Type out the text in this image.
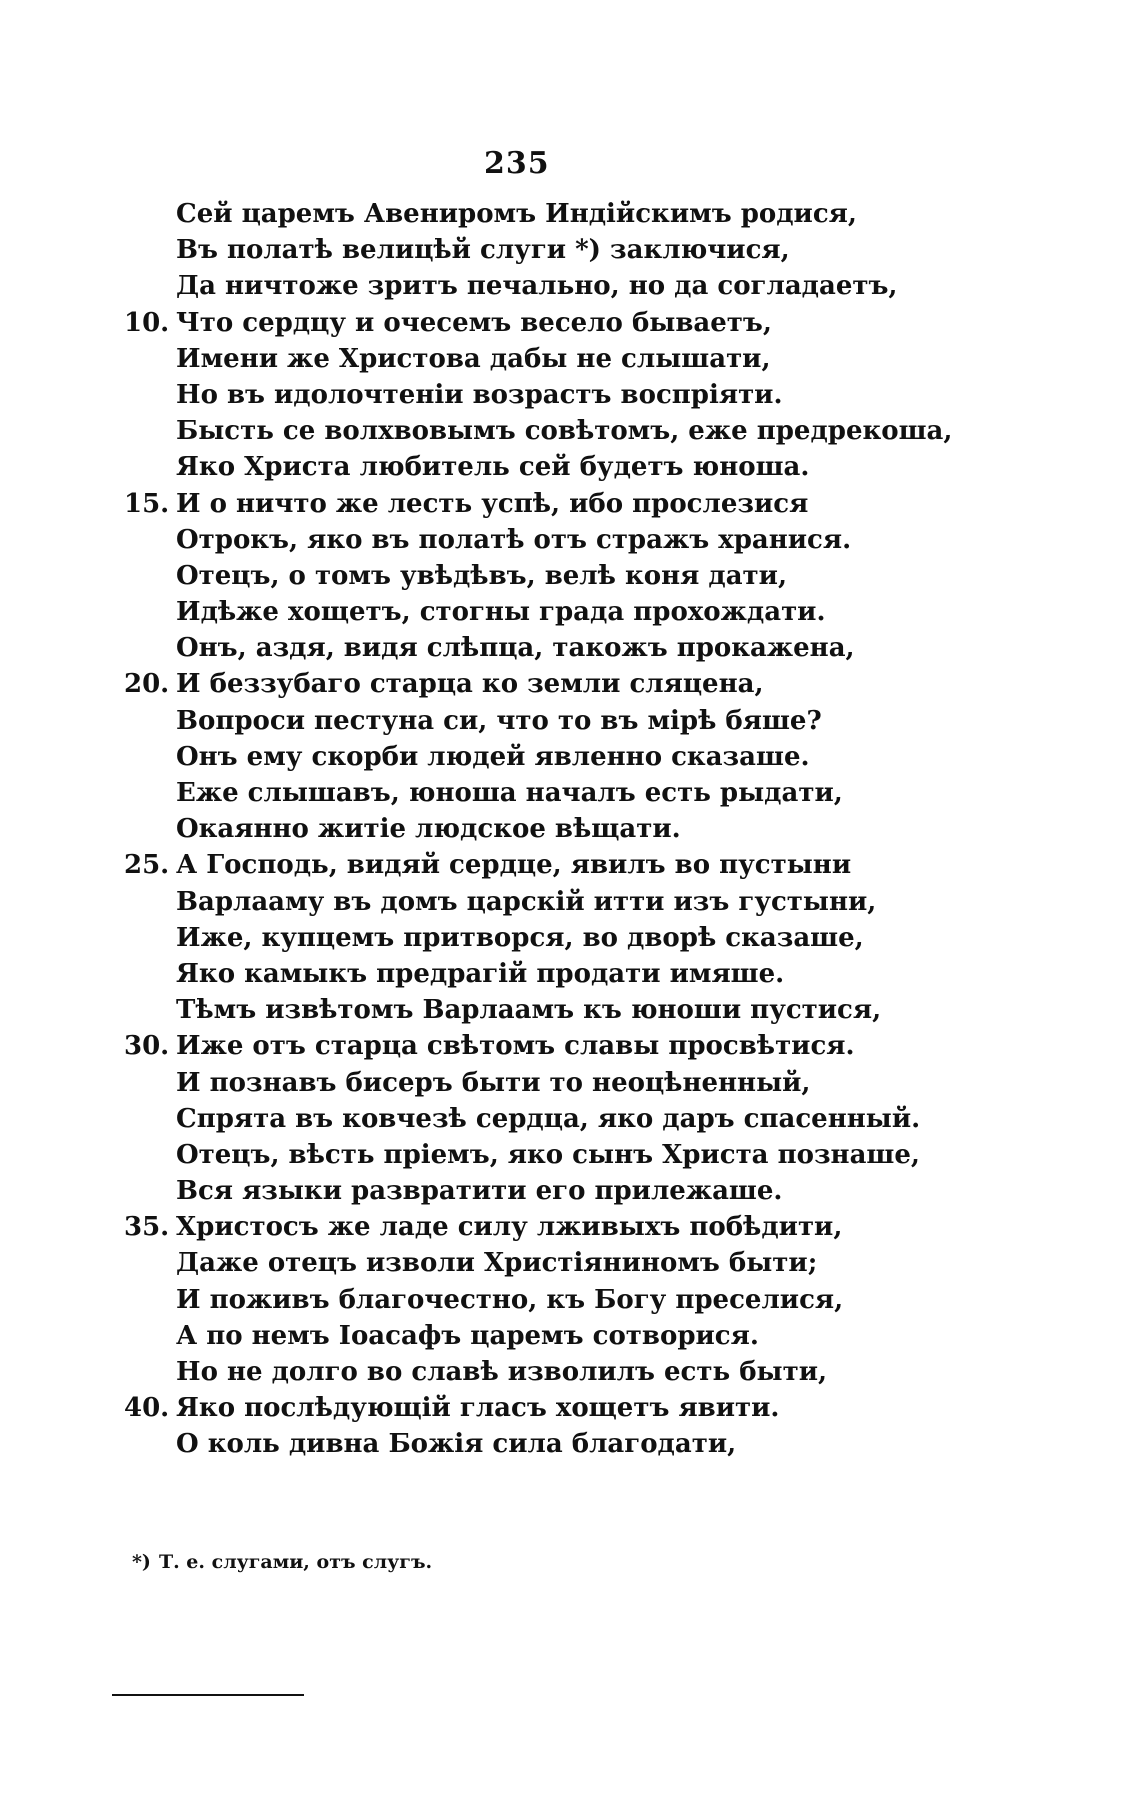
235
Сей царемъ Авениромъ Индійскимъ родися,
Въ полатѣ велицѣй слуги *) заключися,
Да ничтоже зритъ печально, но да согладаетъ,
10. Что сердцу и очесемъ весело бываетъ,
Имени же Христова дабы не слышати,
Но въ идолочтеніи возрастъ воспріяти.
Бысть се волхвовымъ совѣтомъ, еже предрекоша,
Яко Христа любитель сей будетъ юноша.
15. И о ничто же лесть успѣ, ибо прослезися
Отрокъ, яко въ полатѣ отъ стражъ хранися.
Отецъ, о томъ увѣдѣвъ, велѣ коня дати,
Идѣже хощетъ, стогны града прохождати.
Онъ, аздя, видя слѣпца, такожъ прокажена,
20. И беззубаго старца ко земли сляцена,
Вопроси пестуна си, что то въ мірѣ бяше?
Онъ ему скорби людей явленно сказаше.
Еже слышавъ, юноша началъ есть рыдати,
Окаянно житіе людское вѣщати.
25. А Господь, видяй сердце, явилъ во пустыни
Варлааму въ домъ царскій итти изъ густыни,
Иже, купцемъ притворся, во дворѣ сказаше,
Яко камыкъ предрагій продати имяше.
Тѣмъ извѣтомъ Варлаамъ къ юноши пустися,
30. Иже отъ старца свѣтомъ славы просвѣтися.
И познавъ бисеръ быти то неоцѣненный,
Спрята въ ковчезѣ сердца, яко даръ спасенный.
Отецъ, вѣсть пріемъ, яко сынъ Христа познаше,
Вся языки развратити его прилежаше.
35. Христосъ же ладе силу лживыхъ побѣдити,
Даже отецъ изволи Христіяниномъ быти;
И поживъ благочестно, къ Богу преселися,
А по немъ Іоасафъ царемъ сотворися.
Но не долго во славѣ изволилъ есть быти,
40. Яко послѣдующій гласъ хощетъ явити.
О коль дивна Божія сила благодати,
*) Т. е. слугами, отъ слугъ.
